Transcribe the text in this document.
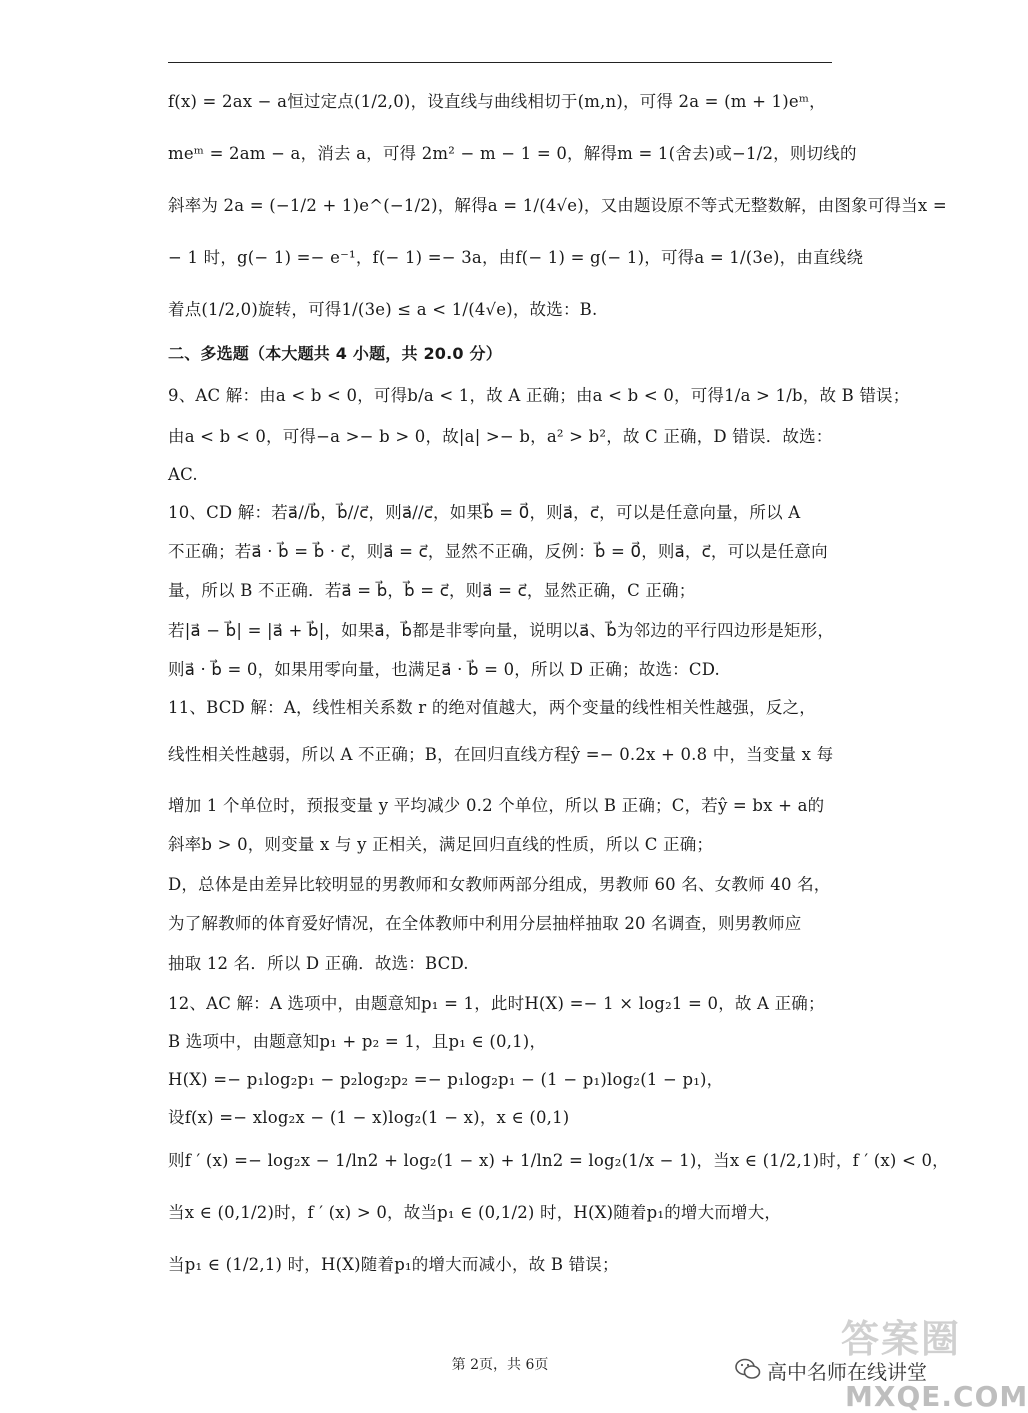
f(x) = 2ax − a恒过定点(1/2,0)，设直线与曲线相切于(m,n)，可得 2a = (m + 1)eᵐ，
meᵐ = 2am − a，消去 a，可得 2m² − m − 1 = 0，解得m = 1(舍去)或−1/2，则切线的
斜率为 2a = (−1/2 + 1)e^(−1/2)，解得a = 1/(4√e)，又由题设原不等式无整数解，由图象可得当x =
− 1 时，g(− 1) =− e⁻¹，f(− 1) =− 3a，由f(− 1) = g(− 1)，可得a = 1/(3e)，由直线绕
着点(1/2,0)旋转，可得1/(3e) ≤ a < 1/(4√e)，故选：B.
二、多选题（本大题共 4 小题，共 20.0 分）
9、AC 解：由a < b < 0，可得b/a < 1，故 A 正确；由a < b < 0，可得1/a > 1/b，故 B 错误；
由a < b < 0，可得−a >− b > 0，故|a| >− b，a² > b²，故 C 正确，D 错误．故选：
AC.
10、CD 解：若a⃗//b⃗，b⃗//c⃗，则a⃗//c⃗，如果b⃗ = 0⃗，则a⃗，c⃗，可以是任意向量，所以 A
不正确；若a⃗ · b⃗ = b⃗ · c⃗，则a⃗ = c⃗，显然不正确，反例：b⃗ = 0⃗，则a⃗，c⃗，可以是任意向
量，所以 B 不正确．若a⃗ = b⃗，b⃗ = c⃗，则a⃗ = c⃗，显然正确，C 正确；
若|a⃗ − b⃗| = |a⃗ + b⃗|，如果a⃗，b⃗都是非零向量，说明以a⃗、b⃗为邻边的平行四边形是矩形，
则a⃗ · b⃗ = 0，如果用零向量，也满足a⃗ · b⃗ = 0，所以 D 正确；故选：CD.
11、BCD 解：A，线性相关系数 r 的绝对值越大，两个变量的线性相关性越强，反之，
线性相关性越弱，所以 A 不正确；B，在回归直线方程ŷ =− 0.2x + 0.8 中，当变量 x 每
增加 1 个单位时，预报变量 y 平均减少 0.2 个单位，所以 B 正确；C，若ŷ = bx + a的
斜率b > 0，则变量 x 与 y 正相关，满足回归直线的性质，所以 C 正确；
D，总体是由差异比较明显的男教师和女教师两部分组成，男教师 60 名、女教师 40 名，
为了解教师的体育爱好情况，在全体教师中利用分层抽样抽取 20 名调查，则男教师应
抽取 12 名．所以 D 正确．故选：BCD.
12、AC 解：A 选项中，由题意知p₁ = 1，此时H(X) =− 1 × log₂1 = 0，故 A 正确；
B 选项中，由题意知p₁ + p₂ = 1，且p₁ ∈ (0,1)，
H(X) =− p₁log₂p₁ − p₂log₂p₂ =− p₁log₂p₁ − (1 − p₁)log₂(1 − p₁)，
设f(x) =− xlog₂x − (1 − x)log₂(1 − x)，x ∈ (0,1)
则f ′ (x) =− log₂x − 1/ln2 + log₂(1 − x) + 1/ln2 = log₂(1/x − 1)，当x ∈ (1/2,1)时，f ′ (x) < 0，
当x ∈ (0,1/2)时，f ′ (x) > 0，故当p₁ ∈ (0,1/2) 时，H(X)随着p₁的增大而增大，
当p₁ ∈ (1/2,1) 时，H(X)随着p₁的增大而减小，故 B 错误；
第 2页，共 6页
答案圈
高中名师在线讲堂
MXQE.COM
